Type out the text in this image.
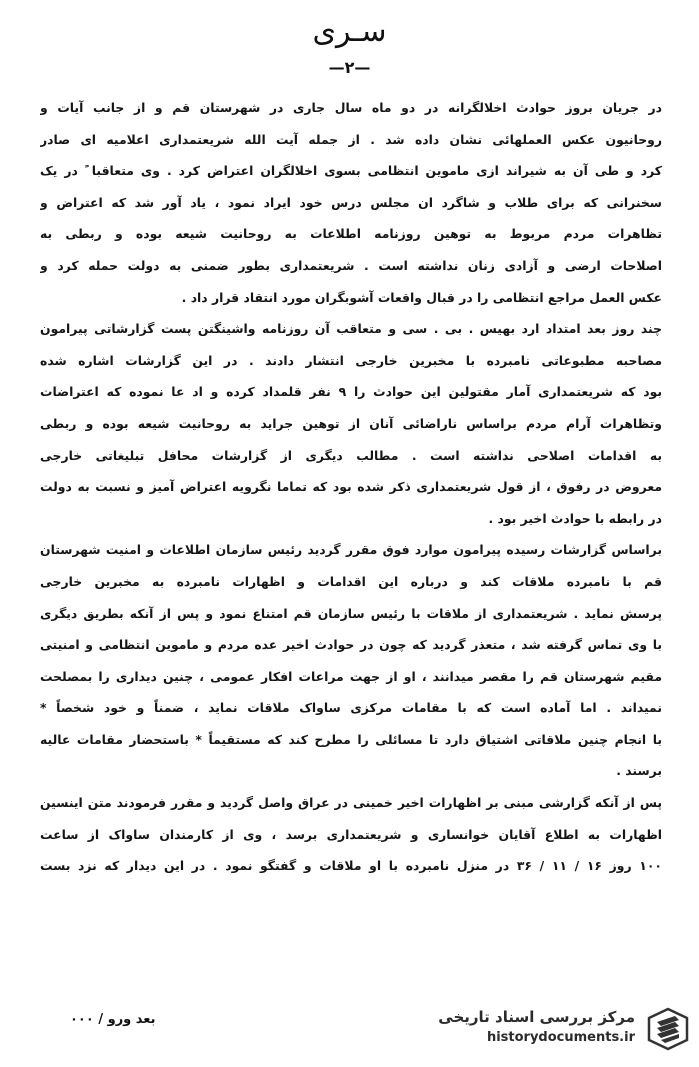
سـری
—۲—
در جریان بروز حوادث اخلالگرانه در دو ماه سال جاری در شهرستان قم و از جانب آیات و
روحانیون عکس العملهائی نشان داده شد . از جمله آیت الله شریعتمداری اعلامیه ای صادر
کرد و طی آن به شیراند ازی ماموین انتظامی بسوی اخلالگران اعتراض کرد . وی متعاقبا ً در یک
سخنرانی که برای طلاب و شاگرد ان مجلس درس خود ایراد نمود ، یاد آور شد که اعتراض و
تظاهرات مردم مربوط به توهین روزنامه اطلاعات به روحانیت شیعه بوده و ربطی به
اصلاحات ارضی و آزادی زنان نداشته است . شریعتمداری بطور ضمنی به دولت حمله کرد و
عکس العمل مراجع انتظامی را در قبال واقعات آشوبگران مورد انتقاد قرار داد .
چند روز بعد امتداد ارد بهیس . بی . سی و متعاقب آن روزنامه واشینگتن پست گزارشاتی پیرامون
مصاحبه مطبوعاتی نامبرده با مخبرین خارجی انتشار دادند . در این گزارشات اشاره شده
بود که شریعتمداری آمار مقتولین این حوادث را ۹ نفر قلمداد کرده و اد عا نموده که اعتراضات
وتظاهرات آرام مردم براساس ناراضائی آنان از توهین جراید به روحانیت شیعه بوده و ربطی
به اقدامات اصلاحی نداشته است . مطالب دیگری از گزارشات محافل تبلیغاتی خارجی
معروض در رفوق ، از قول شریعتمداری ذکر شده بود که تماما نگرویه اعتراض آمیز و نسبت به دولت
در رابطه با حوادث اخیر بود .
براساس گزارشات رسیده پیرامون موارد فوق مقرر گردید رئیس سازمان اطلاعات و امنیت شهرستان
قم با نامبرده ملاقات کند و درباره این اقدامات و اظهارات نامبرده به مخبرین خارجی
پرسش نماید . شریعتمداری از ملاقات با رئیس سازمان قم امتناع نمود و پس از آنکه بطریق دیگری
با وی تماس گرفته شد ، متعذر گردید که چون در حوادث اخیر عده مردم و ماموین انتظامی و امنیتی
مقیم شهرستان قم را مقصر میدانند ، او از جهت مراعات افکار عمومی ، چنین دیداری را بمصلحت
نمیداند . اما آماده است که با مقامات مرکزی ساواک ملاقات نماید ، ضمناً و خود شخصاً *
با انجام چنین ملاقاتی اشتیاق دارد تا مسائلی را مطرح کند که مستقیماً * باستحضار مقامات عالیه
برسند .
پس از آنکه گزارشی مبنی بر اظهارات اخیر خمینی در عراق واصل گردید و مقرر فرمودند متن اینسین
اظهارات به اطلاع آقایان خوانساری و شریعتمداری برسد ، وی از کارمندان ساواک از ساعت
۱۰۰ روز ۱۶ / ۱۱ / ۳۶ در منزل نامبرده با او ملاقات و گفتگو نمود . در این دیدار که نزد بست
بعد ورو / ۰۰۰	مرکز بررسی اسناد تاریخی
historydocuments.ir
